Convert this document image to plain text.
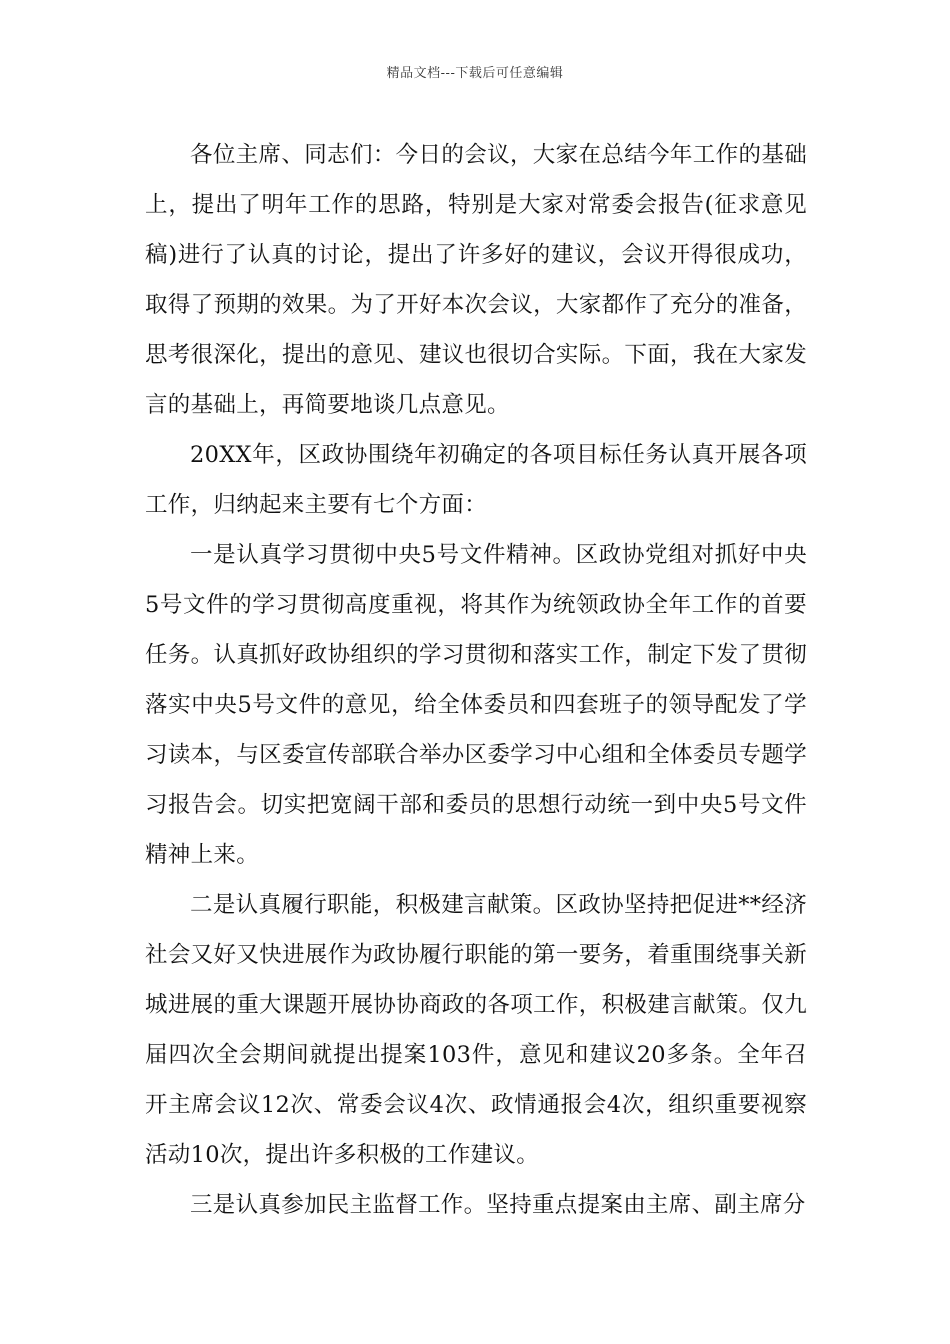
精品文档---下载后可任意编辑

各位主席、同志们：今日的会议，大家在总结今年工作的基础上，提出了明年工作的思路，特别是大家对常委会报告(征求意见稿)进行了认真的讨论，提出了许多好的建议，会议开得很成功，取得了预期的效果。为了开好本次会议，大家都作了充分的准备，思考很深化，提出的意见、建议也很切合实际。下面，我在大家发言的基础上，再简要地谈几点意见。

20XX年，区政协围绕年初确定的各项目标任务认真开展各项工作，归纳起来主要有七个方面：

一是认真学习贯彻中央5号文件精神。区政协党组对抓好中央5号文件的学习贯彻高度重视，将其作为统领政协全年工作的首要任务。认真抓好政协组织的学习贯彻和落实工作，制定下发了贯彻落实中央5号文件的意见，给全体委员和四套班子的领导配发了学习读本，与区委宣传部联合举办区委学习中心组和全体委员专题学习报告会。切实把宽阔干部和委员的思想行动统一到中央5号文件精神上来。

二是认真履行职能，积极建言献策。区政协坚持把促进**经济社会又好又快进展作为政协履行职能的第一要务，着重围绕事关新城进展的重大课题开展协协商政的各项工作，积极建言献策。仅九届四次全会期间就提出提案103件，意见和建议20多条。全年召开主席会议12次、常委会议4次、政情通报会4次，组织重要视察活动10次，提出许多积极的工作建议。

三是认真参加民主监督工作。坚持重点提案由主席、副主席分
